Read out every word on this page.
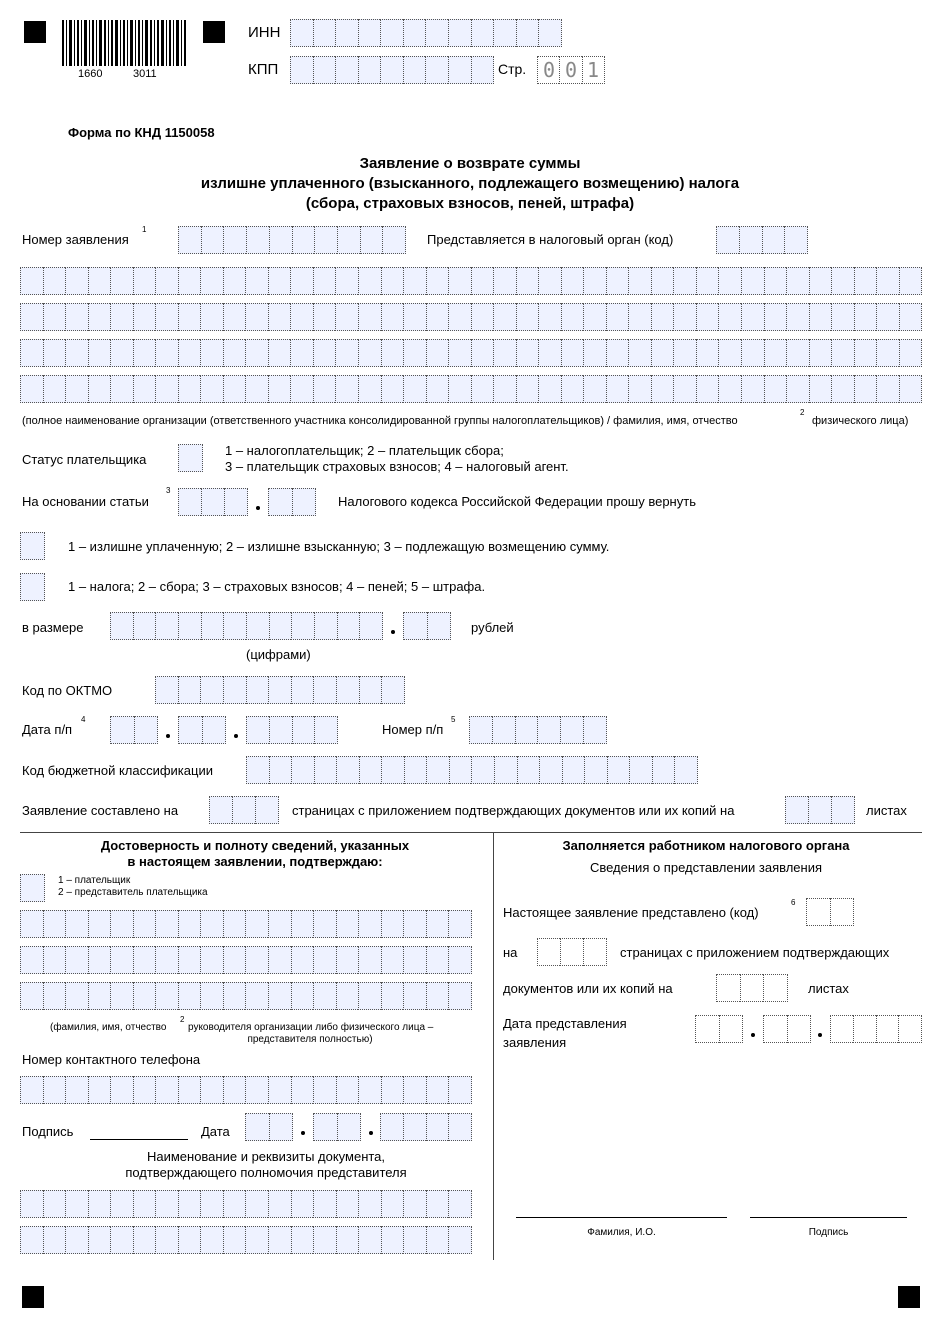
1660	3011
ИНН
КПП	Стр. 0 0 1
Форма по КНД 1150058
Заявление о возврате суммы
излишне уплаченного (взысканного, подлежащего возмещению) налога
(сбора, страховых взносов, пеней, штрафа)
Номер заявления
1
Представляется в налоговый орган (код)
(полное наименование организации (ответственного участника консолидированной группы налогоплательщиков) / фамилия, имя, отчество
2
физического лица)
Статус плательщика
1 – налогоплательщик; 2 – плательщик сбора;
3 – плательщик страховых взносов; 4 – налоговый агент.
На основании статьи
3
Налогового кодекса Российской Федерации прошу вернуть
1 – излишне уплаченную; 2 – излишне взысканную; 3 – подлежащую возмещению сумму.
1 – налога; 2 – сбора; 3 – страховых взносов; 4 – пеней; 5 – штрафа.
в размере	рублей
(цифрами)
Код по ОКТМО
Дата п/п
4
Номер п/п
5
Код бюджетной классификации
Заявление составлено на	страницах с приложением подтверждающих документов или их копий на	листах
Достоверность и полноту сведений, указанных
в настоящем заявлении, подтверждаю:
1 – плательщик
2 – представитель плательщика
(фамилия, имя, отчество
2
руководителя организации либо физического лица –
представителя полностью)
Номер контактного телефона
Подпись	Дата
Наименование и реквизиты документа,
подтверждающего полномочия представителя
Заполняется работником налогового органа
Сведения о представлении заявления
Настоящее заявление представлено (код)
6
на	страницах с приложением подтверждающих
документов или их копий на	листах
Дата представления
заявления
Фамилия, И.О.	Подпись
